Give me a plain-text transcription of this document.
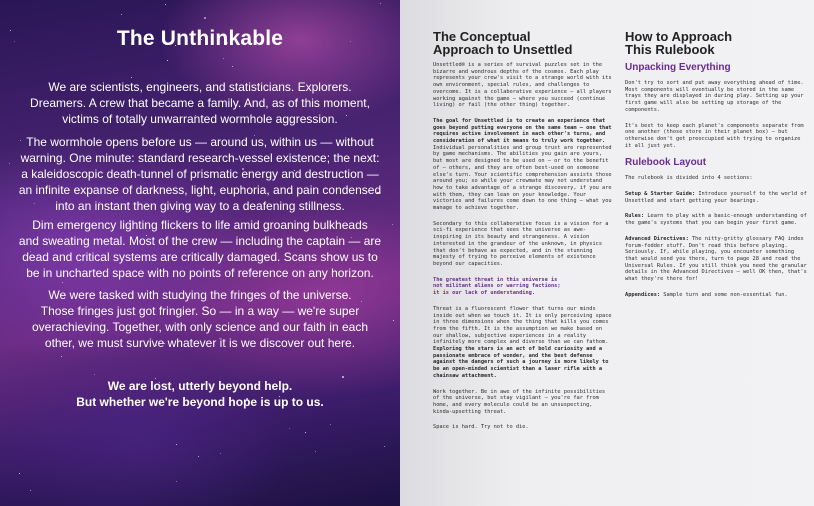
The Unthinkable
We are scientists, engineers, and statisticians. Explorers.
Dreamers. A crew that became a family. And, as of this moment,
victims of totally unwarranted wormhole aggression.
The wormhole opens before us — around us, within us — without
warning. One minute: standard research-vessel existence; the next:
a kaleidoscopic death-tunnel of prismatic energy and destruction —
an infinite expanse of darkness, light, euphoria, and pain condensed
into an instant then giving way to a deafening stillness.
Dim emergency lighting flickers to life amid groaning bulkheads
and sweating metal. Most of the crew — including the captain — are
dead and critical systems are critically damaged. Scans show us to
be in uncharted space with no points of reference on any horizon.
We were tasked with studying the fringes of the universe.
Those fringes just got fringier. So — in a way — we're super
overachieving. Together, with only science and our faith in each
other, we must survive whatever it is we discover out here.
We are lost, utterly beyond help.
But whether we're beyond hope is up to us.
The Conceptual
Approach to Unsettled

Unsettled® is a series of survival puzzles set in the bizarre and wondrous depths of the cosmos. Each play represents your crew's visit to a strange world with its own environment, special rules, and challenges to overcome. It is a collaborative experience — all players working against the game — where you succeed (continue living) or fail (the other thing) together.

The goal for Unsettled is to create an experience that goes beyond putting everyone on the same team — one that requires active involvement in each other's turns, and consideration of what it means to truly work together. Individual personalities and group trust are represented by game mechanisms. The abilities you gain are yours, but most are designed to be used on — or to the benefit of — others, and they are often best-used on someone else's turn. Your scientific comprehension assists those around you; so while your crewmate may not understand how to take advantage of a strange discovery, if you are with them, they can lean on your knowledge. Your victories and failures come down to one thing — what you manage to achieve together.

Secondary to this collaborative focus is a vision for a sci-fi experience that sees the universe as awe-inspiring in its beauty and strangeness. A vision interested in the grandeur of the unknown, in physics that don't behave as expected, and in the stunning majesty of trying to perceive elements of existence beyond our capacities.

The greatest threat in this universe is
not militant aliens or warring factions;
it is our lack of understanding.

Threat is a fluorescent flower that turns our minds inside out when we touch it. It is only perceiving space in three dimensions when the thing that kills you comes from the fifth. It is the assumption we make based on our shallow, subjective experiences in a reality infinitely more complex and diverse than we can fathom. Exploring the stars is an act of bold curiosity and a passionate embrace of wonder, and the best defense against the dangers of such a journey is more likely to be an open-minded scientist than a laser rifle with a chainsaw attachment.

Work together. Be in awe of the infinite possibilities of the universe, but stay vigilant — you're far from home, and every molecule could be an unsuspecting, kinda-upsetting threat.

Space is hard. Try not to die.

How to Approach
This Rulebook
Unpacking Everything

Don't try to sort and put away everything ahead of time. Most components will eventually be stored in the same trays they are displayed in during play. Setting up your first game will also be setting up storage of the components.

It's best to keep each planet's components separate from one another (those store in their planet box) — but otherwise don't get preoccupied with trying to organize it all just yet.

Rulebook Layout

The rulebook is divided into 4 sections:

Setup & Starter Guide: Introduce yourself to the world of Unsettled and start getting your bearings.

Rules: Learn to play with a basic-enough understanding of the game's systems that you can begin your first game.

Advanced Directives: The nitty-gritty glossary FAQ index forum-fodder stuff. Don't read this before playing. Seriously. If, while playing, you encounter something that would send you there, turn to page 28 and read the Universal Rules. If you still think you need the granular details in the Advanced Directives — well OK then, that's what they're there for!

Appendices: Sample turn and some non-essential fun.
